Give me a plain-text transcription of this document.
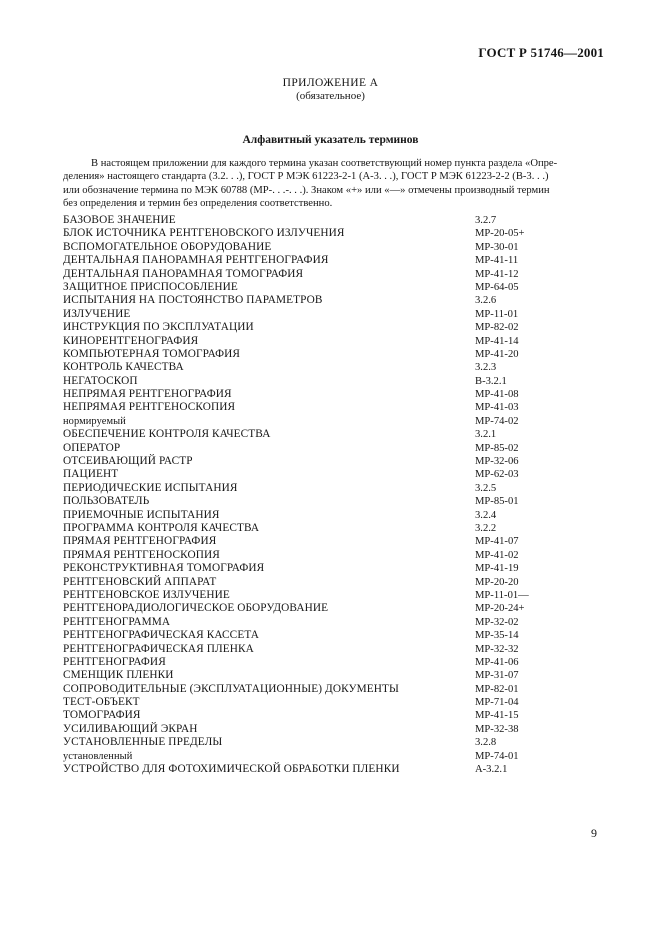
ГОСТ Р 51746—2001
ПРИЛОЖЕНИЕ А
(обязательное)
Алфавитный указатель терминов

В настоящем приложении для каждого термина указан соответствующий номер пункта раздела «Опре-

деления» настоящего стандарта (3.2. . .), ГОСТ Р МЭК 61223-2-1 (А-3. . .), ГОСТ Р МЭК 61223-2-2 (В-3. . .)

или обозначение термина по МЭК 60788 (МР-. . .-. . .). Знаком «+» или «—» отмечены производный термин

без определения и термин без определения соответственно.

БАЗОВОЕ ЗНАЧЕНИЕ	3.2.7
БЛОК ИСТОЧНИКА РЕНТГЕНОВСКОГО ИЗЛУЧЕНИЯ	МР-20-05+
ВСПОМОГАТЕЛЬНОЕ ОБОРУДОВАНИЕ	МР-30-01
ДЕНТАЛЬНАЯ ПАНОРАМНАЯ РЕНТГЕНОГРАФИЯ	МР-41-11
ДЕНТАЛЬНАЯ ПАНОРАМНАЯ ТОМОГРАФИЯ	МР-41-12
ЗАЩИТНОЕ ПРИСПОСОБЛЕНИЕ	МР-64-05
ИСПЫТАНИЯ НА ПОСТОЯНСТВО ПАРАМЕТРОВ	3.2.6
ИЗЛУЧЕНИЕ	МР-11-01
ИНСТРУКЦИЯ ПО ЭКСПЛУАТАЦИИ	МР-82-02
КИНОРЕНТГЕНОГРАФИЯ	МР-41-14
КОМПЬЮТЕРНАЯ ТОМОГРАФИЯ	МР-41-20
КОНТРОЛЬ КАЧЕСТВА	3.2.3
НЕГАТОСКОП	В-3.2.1
НЕПРЯМАЯ РЕНТГЕНОГРАФИЯ	МР-41-08
НЕПРЯМАЯ РЕНТГЕНОСКОПИЯ	МР-41-03
нормируемый	МР-74-02
ОБЕСПЕЧЕНИЕ КОНТРОЛЯ КАЧЕСТВА	3.2.1
ОПЕРАТОР	МР-85-02
ОТСЕИВАЮЩИЙ РАСТР	МР-32-06
ПАЦИЕНТ	МР-62-03
ПЕРИОДИЧЕСКИЕ ИСПЫТАНИЯ	3.2.5
ПОЛЬЗОВАТЕЛЬ	МР-85-01
ПРИЕМОЧНЫЕ ИСПЫТАНИЯ	3.2.4
ПРОГРАММА КОНТРОЛЯ КАЧЕСТВА	3.2.2
ПРЯМАЯ РЕНТГЕНОГРАФИЯ	МР-41-07
ПРЯМАЯ РЕНТГЕНОСКОПИЯ	МР-41-02
РЕКОНСТРУКТИВНАЯ ТОМОГРАФИЯ	МР-41-19
РЕНТГЕНОВСКИЙ АППАРАТ	МР-20-20
РЕНТГЕНОВСКОЕ ИЗЛУЧЕНИЕ	МР-11-01—
РЕНТГЕНОРАДИОЛОГИЧЕСКОЕ ОБОРУДОВАНИЕ	МР-20-24+
РЕНТГЕНОГРАММА	МР-32-02
РЕНТГЕНОГРАФИЧЕСКАЯ КАССЕТА	МР-35-14
РЕНТГЕНОГРАФИЧЕСКАЯ ПЛЕНКА	МР-32-32
РЕНТГЕНОГРАФИЯ	МР-41-06
СМЕНЩИК ПЛЕНКИ	МР-31-07
СОПРОВОДИТЕЛЬНЫЕ (ЭКСПЛУАТАЦИОННЫЕ) ДОКУМЕНТЫ	МР-82-01
ТЕСТ-ОБЪЕКТ	МР-71-04
ТОМОГРАФИЯ	МР-41-15
УСИЛИВАЮЩИЙ ЭКРАН	МР-32-38
УСТАНОВЛЕННЫЕ ПРЕДЕЛЫ	3.2.8
установленный	МР-74-01
УСТРОЙСТВО ДЛЯ ФОТОХИМИЧЕСКОЙ ОБРАБОТКИ ПЛЕНКИ	А-3.2.1
9
